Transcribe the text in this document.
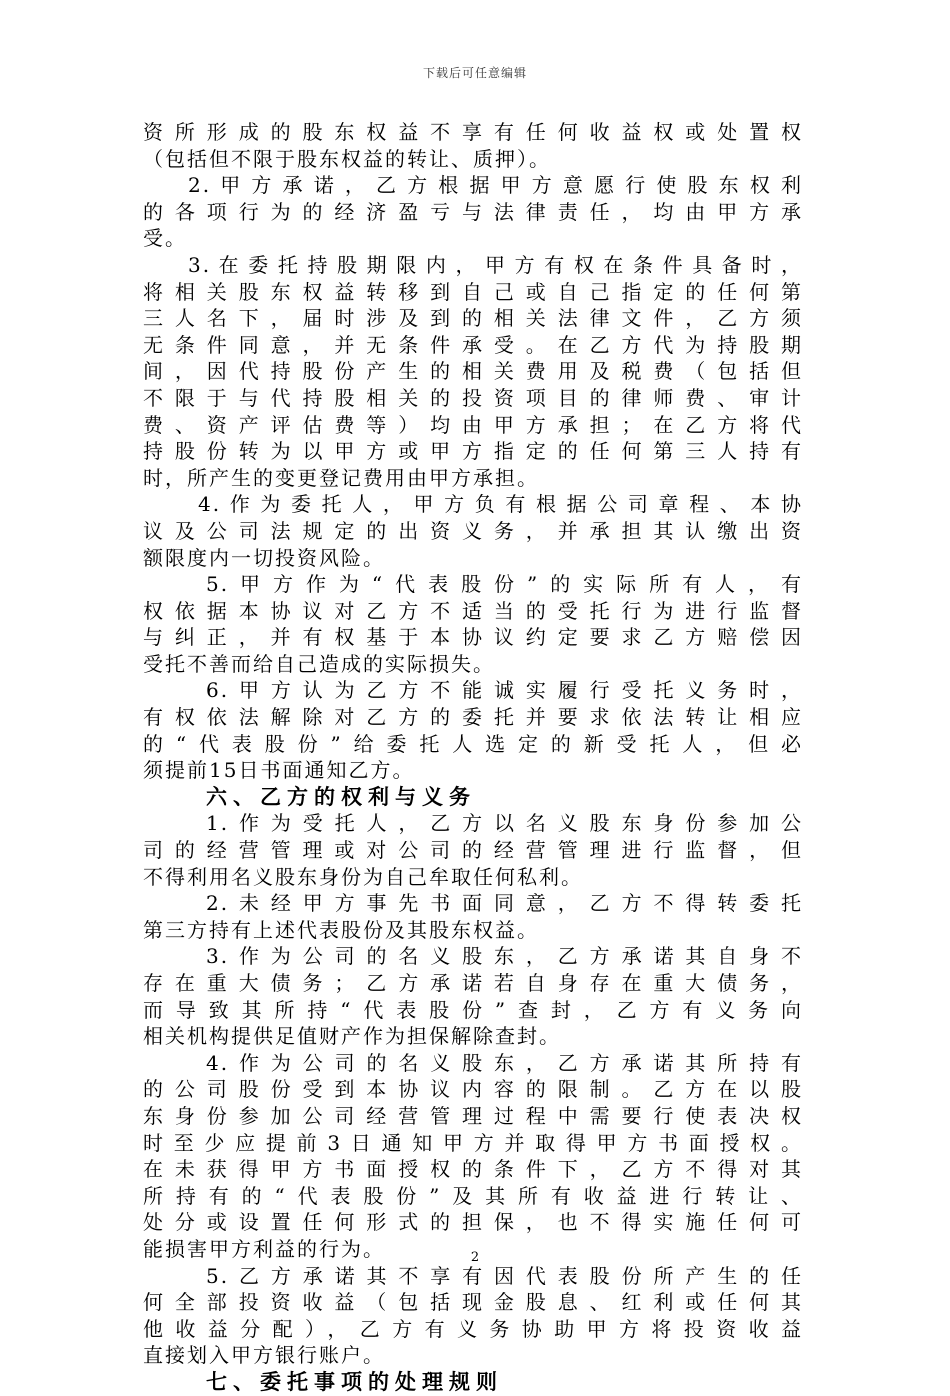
下载后可任意编辑
资所形成的股东权益不享有任何收益权或处置权
（包括但不限于股东权益的转让、质押）。
2.甲方承诺，乙方根据甲方意愿行使股东权利
的各项行为的经济盈亏与法律责任，均由甲方承
受。
3.在委托持股期限内，甲方有权在条件具备时，
将相关股东权益转移到自己或自己指定的任何第
三人名下，届时涉及到的相关法律文件，乙方须
无条件同意，并无条件承受。在乙方代为持股期
间，因代持股份产生的相关费用及税费（包括但
不限于与代持股相关的投资项目的律师费、审计
费、资产评估费等）均由甲方承担；在乙方将代
持股份转为以甲方或甲方指定的任何第三人持有
时，所产生的变更登记费用由甲方承担。
4.作为委托人，甲方负有根据公司章程、本协
议及公司法规定的出资义务，并承担其认缴出资
额限度内一切投资风险。
5.甲方作为“代表股份”的实际所有人，有
权依据本协议对乙方不适当的受托行为进行监督
与纠正，并有权基于本协议约定要求乙方赔偿因
受托不善而给自己造成的实际损失。
6.甲方认为乙方不能诚实履行受托义务时，
有权依法解除对乙方的委托并要求依法转让相应
的“代表股份”给委托人选定的新受托人，但必
须提前15日书面通知乙方。
六、乙方的权利与义务
1.作为受托人，乙方以名义股东身份参加公
司的经营管理或对公司的经营管理进行监督，但
不得利用名义股东身份为自己牟取任何私利。
2.未经甲方事先书面同意，乙方不得转委托
第三方持有上述代表股份及其股东权益。
3.作为公司的名义股东，乙方承诺其自身不
存在重大债务；乙方承诺若自身存在重大债务，
而导致其所持“代表股份”查封，乙方有义务向
相关机构提供足值财产作为担保解除查封。
4.作为公司的名义股东，乙方承诺其所持有
的公司股份受到本协议内容的限制。乙方在以股
东身份参加公司经营管理过程中需要行使表决权
时至少应提前3日通知甲方并取得甲方书面授权。
在未获得甲方书面授权的条件下，乙方不得对其
所持有的“代表股份”及其所有收益进行转让、
处分或设置任何形式的担保，也不得实施任何可
能损害甲方利益的行为。
5.乙方承诺其不享有因代表股份所产生的任
何全部投资收益（包括现金股息、红利或任何其
他收益分配），乙方有义务协助甲方将投资收益
直接划入甲方银行账户。
七、委托事项的处理规则
2
